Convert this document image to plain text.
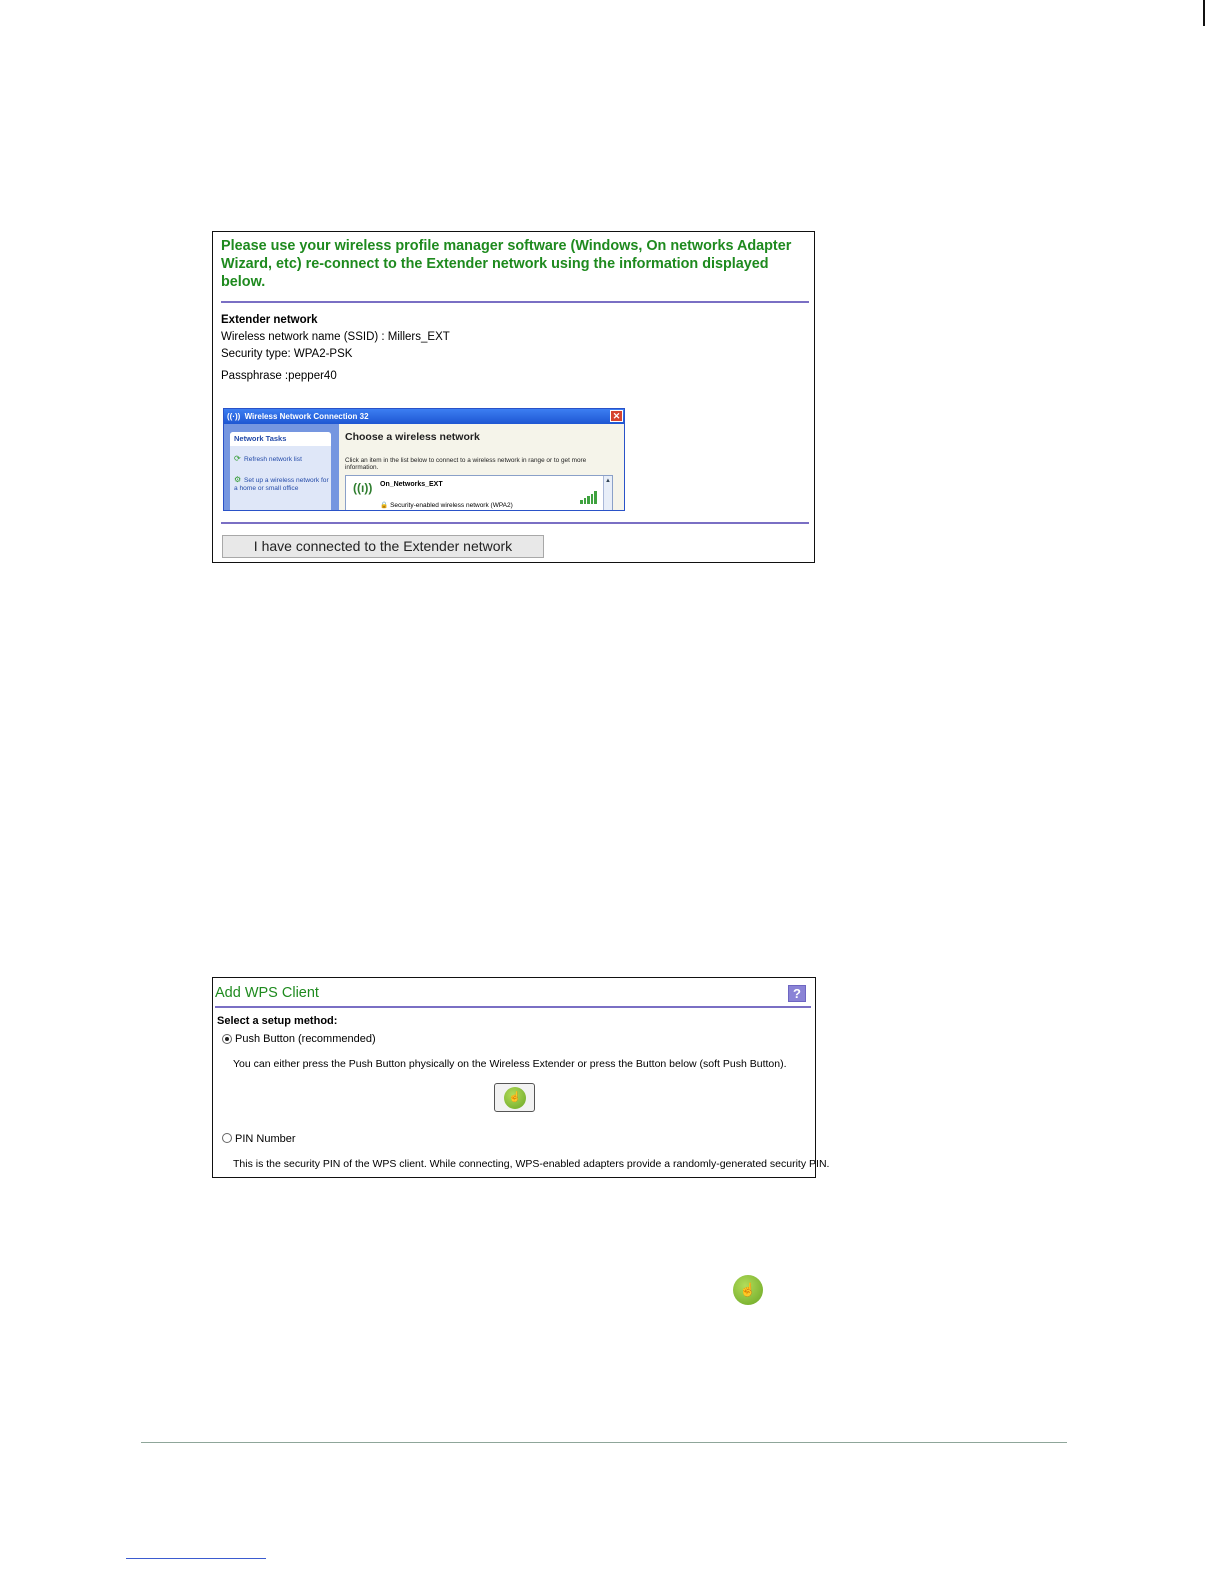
Please use your wireless profile manager software (Windows, On networks Adapter Wizard, etc) re-connect to the Extender network using the information displayed below.

Extender network
Wireless network name (SSID) : Millers_EXT
Security type: WPA2-PSK
Passphrase :pepper40
((·)) Wireless Network Connection 32	✕
Network Tasks
⟳ Refresh network list
⚙ Set up a wireless network for a home or small office
Choose a wireless network
Click an item in the list below to connect to a wireless network in range or to get more information.
((ı)) On_Networks_EXT
🔒 Security-enabled wireless network (WPA2)
▲
I have connected to the Extender network
Add WPS Client	?
Select a setup method:
Push Button (recommended)
You can either press the Push Button physically on the Wireless Extender or press the Button below (soft Push Button).
☝
PIN Number
This is the security PIN of the WPS client. While connecting, WPS-enabled adapters provide a randomly-generated security PIN.
☝
